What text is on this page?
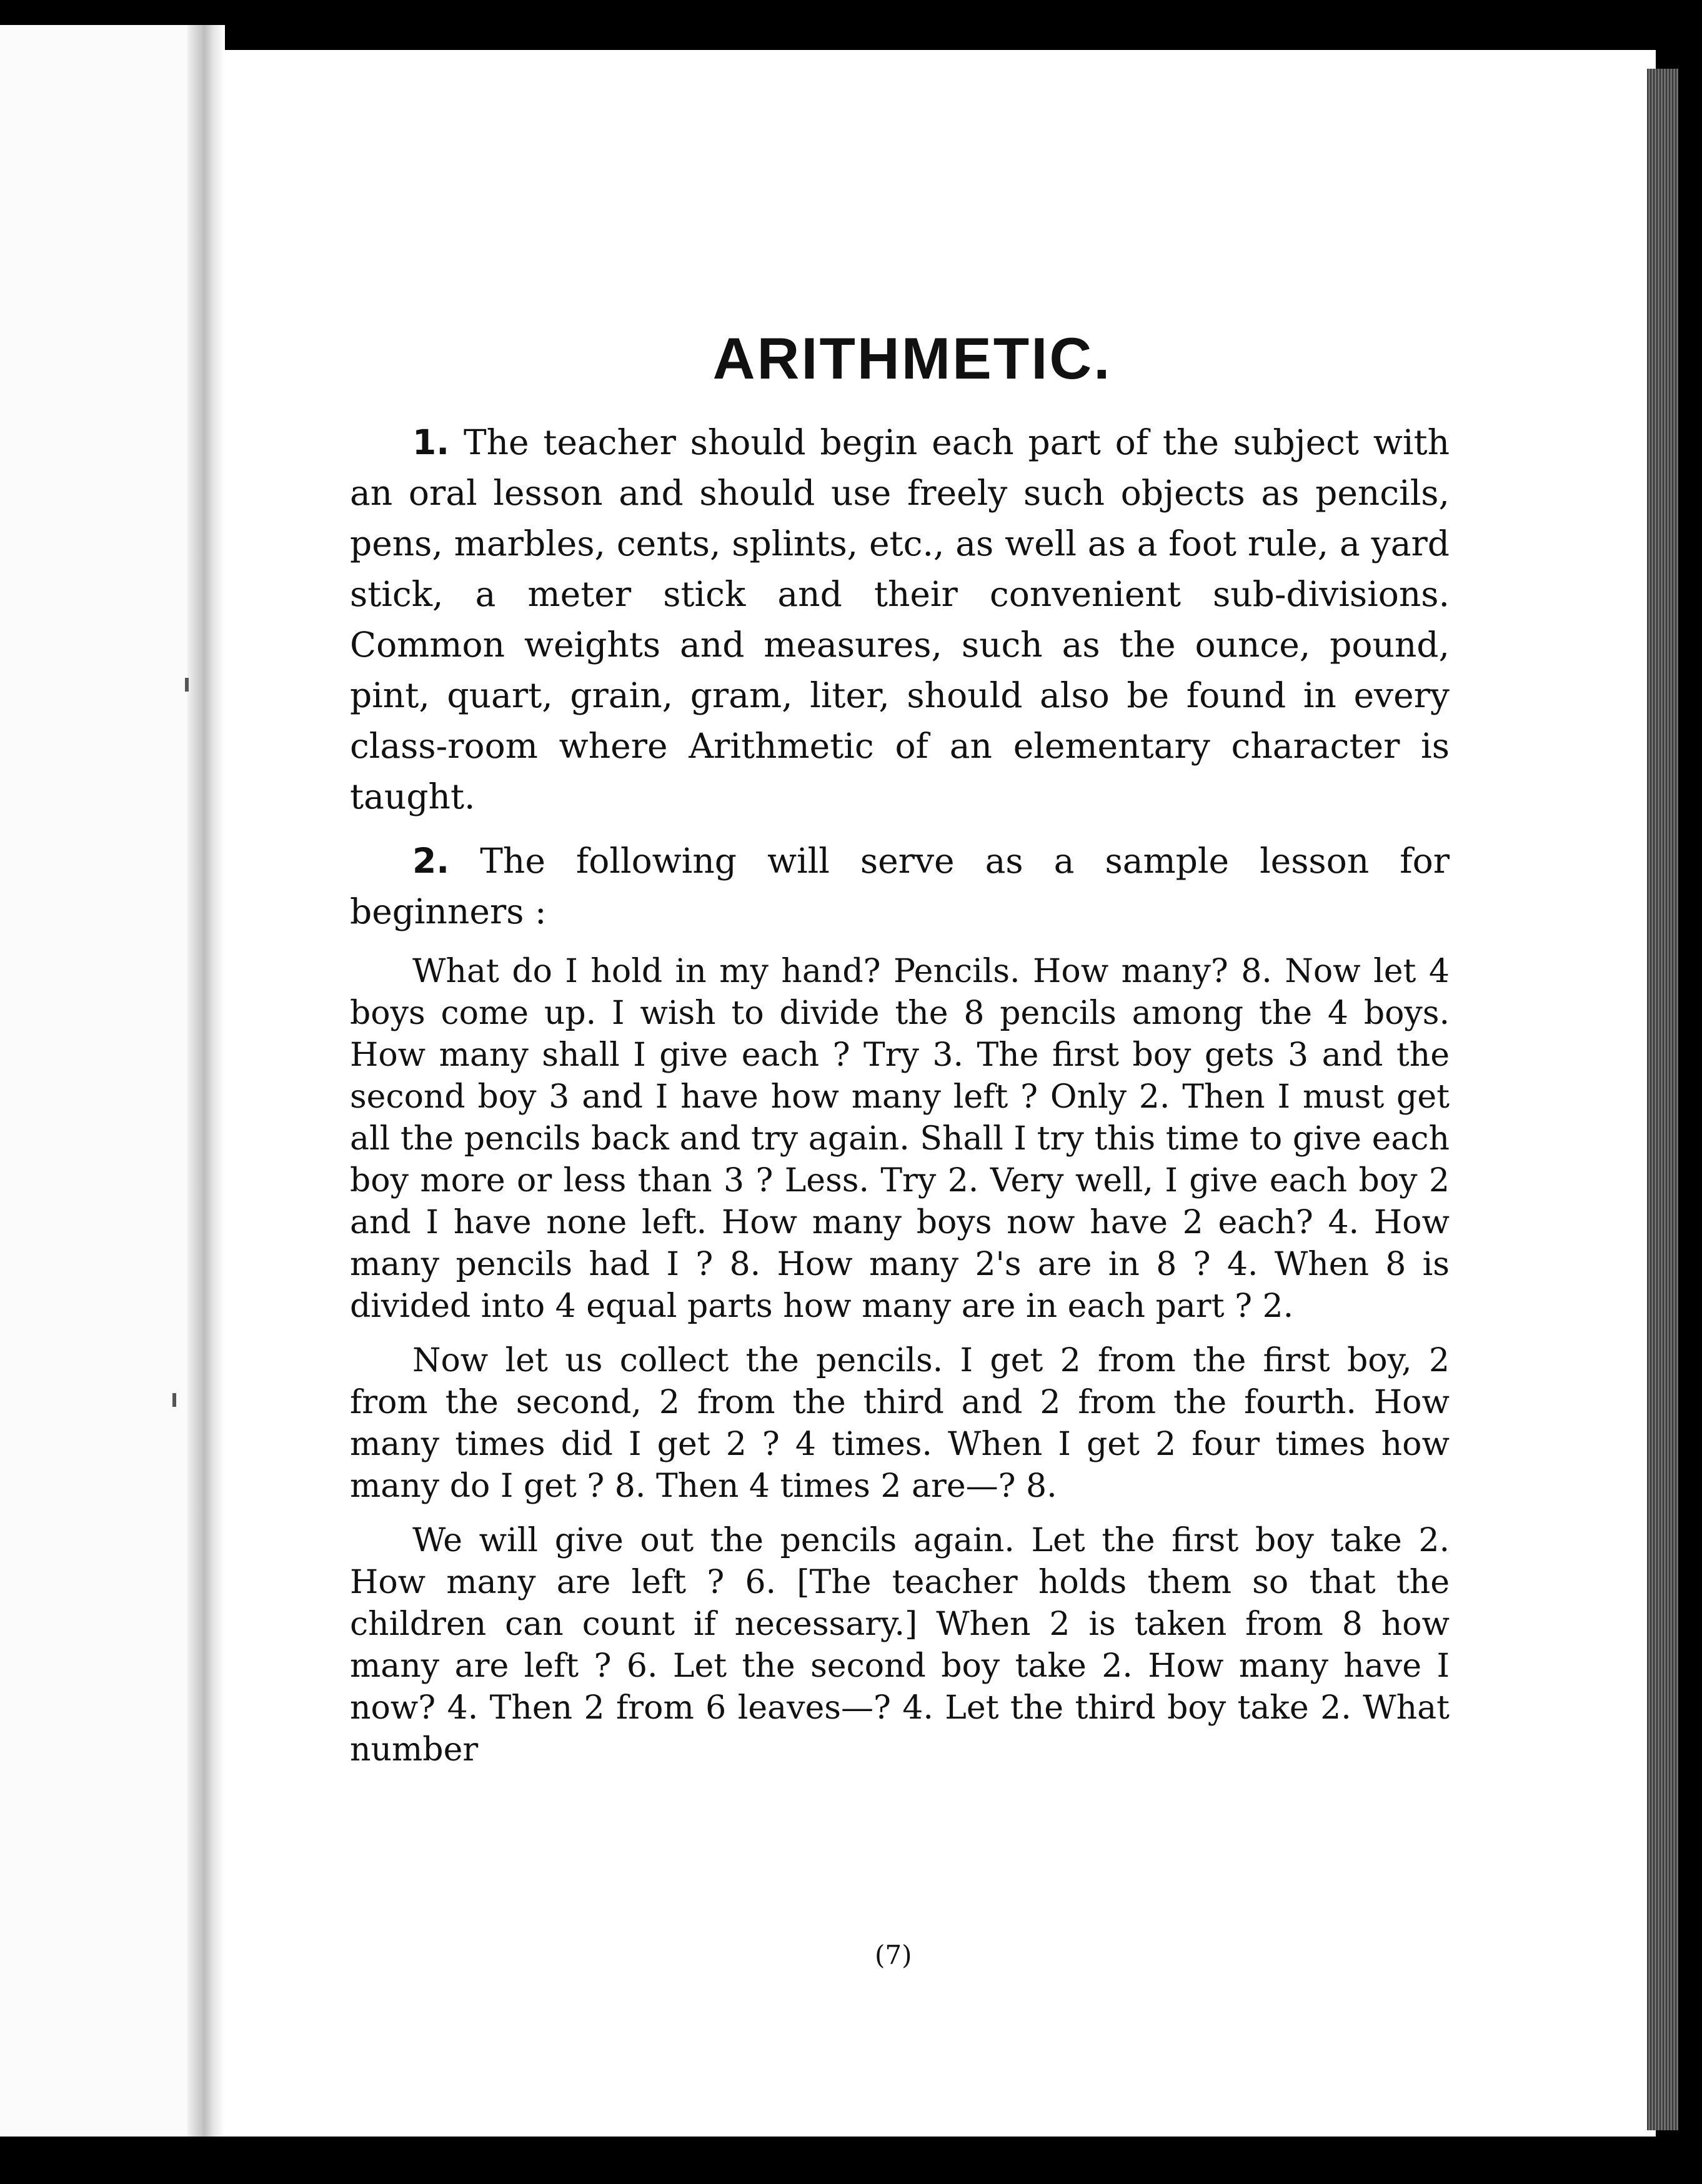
ARITHMETIC.

1. The teacher should begin each part of the subject with an oral lesson and should use freely such objects as pencils, pens, marbles, cents, splints, etc., as well as a foot rule, a yard stick, a meter stick and their convenient sub-divisions. Common weights and measures, such as the ounce, pound, pint, quart, grain, gram, liter, should also be found in every class-room where Arithmetic of an elementary character is taught.

2. The following will serve as a sample lesson for beginners :

What do I hold in my hand? Pencils. How many? 8. Now let 4 boys come up. I wish to divide the 8 pencils among the 4 boys. How many shall I give each ? Try 3. The first boy gets 3 and the second boy 3 and I have how many left ? Only 2. Then I must get all the pencils back and try again. Shall I try this time to give each boy more or less than 3 ? Less. Try 2. Very well, I give each boy 2 and I have none left. How many boys now have 2 each? 4. How many pencils had I ? 8. How many 2's are in 8 ? 4. When 8 is divided into 4 equal parts how many are in each part ? 2.

Now let us collect the pencils. I get 2 from the first boy, 2 from the second, 2 from the third and 2 from the fourth. How many times did I get 2 ? 4 times. When I get 2 four times how many do I get ? 8. Then 4 times 2 are—? 8.

We will give out the pencils again. Let the first boy take 2. How many are left ? 6. [The teacher holds them so that the children can count if necessary.] When 2 is taken from 8 how many are left ? 6. Let the second boy take 2. How many have I now? 4. Then 2 from 6 leaves—? 4. Let the third boy take 2. What number

(7)
